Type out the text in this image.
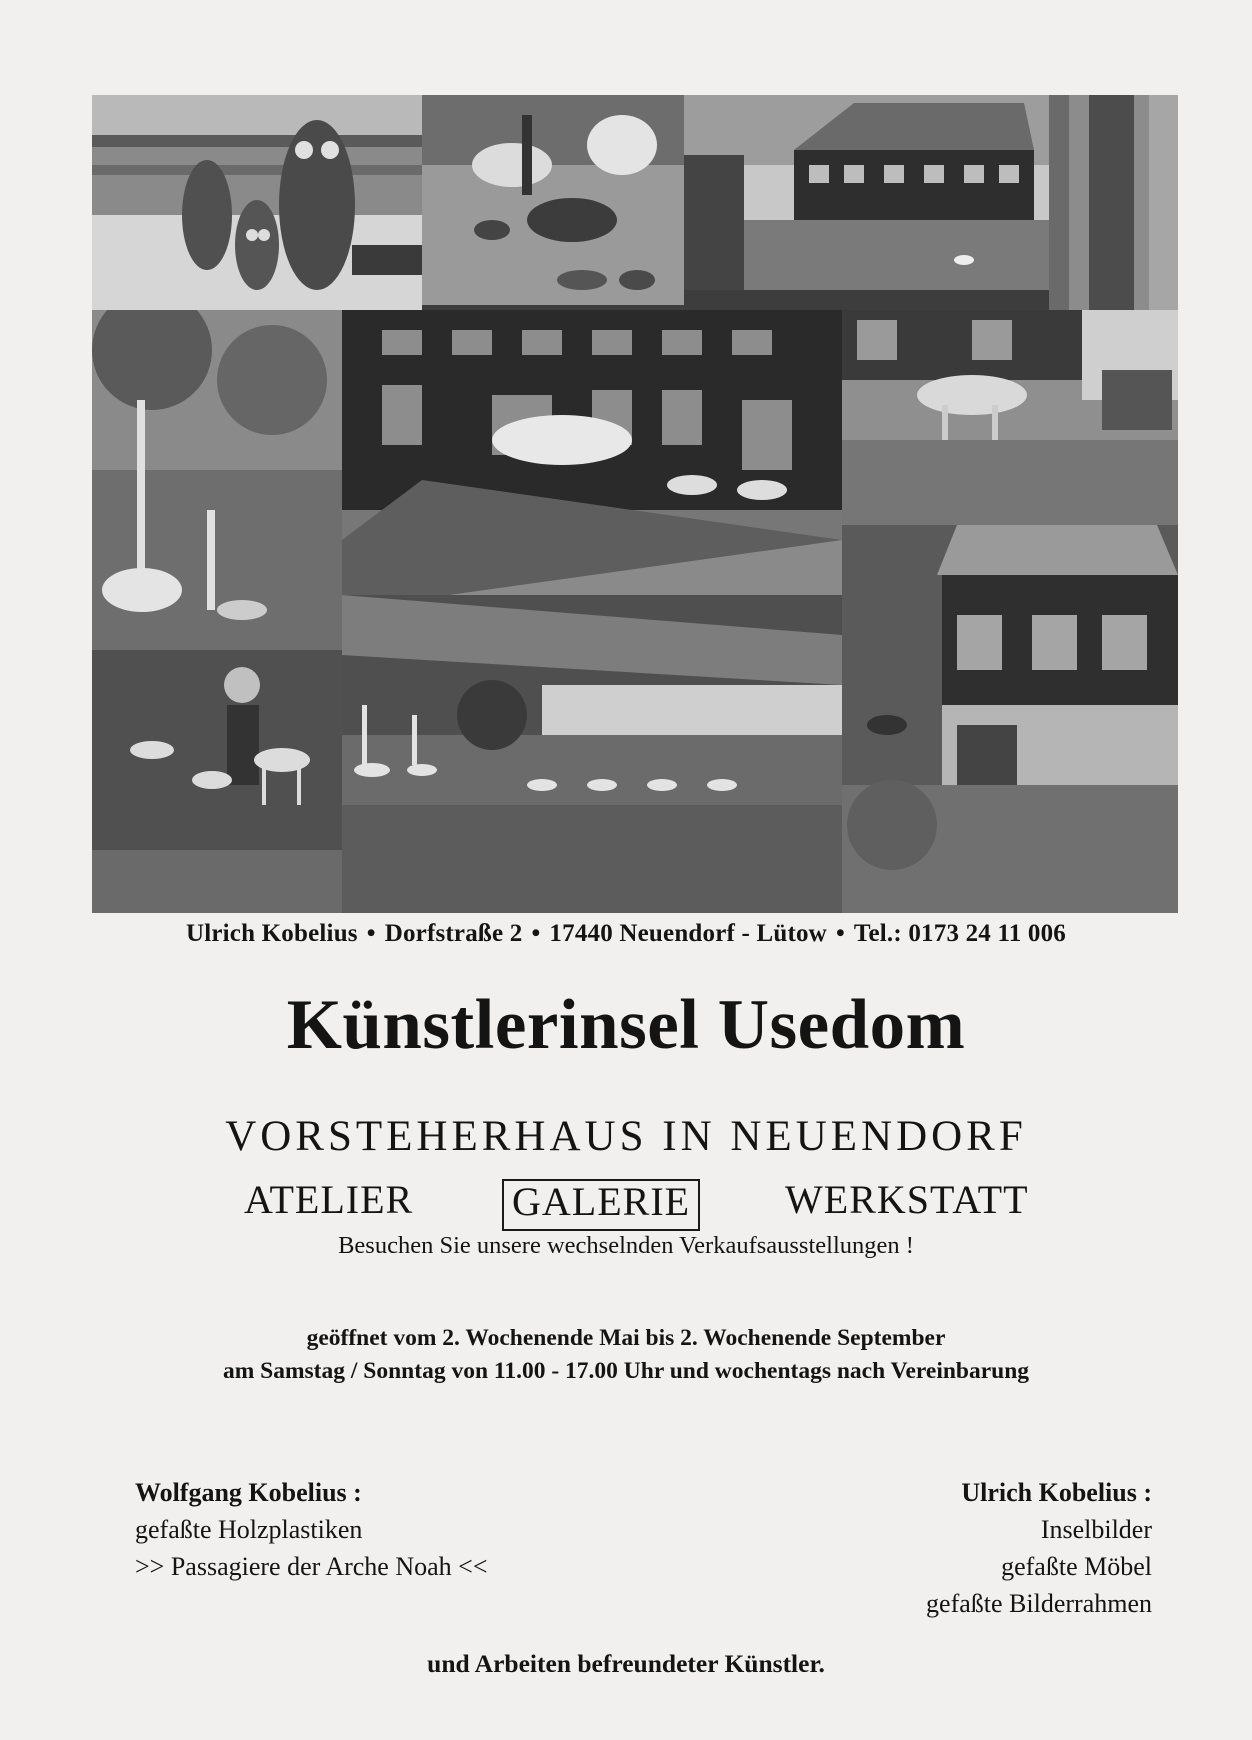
Ulrich Kobelius • Dorfstraße 2 • 17440 Neuendorf - Lütow • Tel.: 0173 24 11 006
Künstlerinsel Usedom
VORSTEHERHAUS IN NEUENDORF
ATELIER GALERIE WERKSTATT
Besuchen Sie unsere wechselnden Verkaufsausstellungen !
geöffnet vom 2. Wochenende Mai bis 2. Wochenende September
am Samstag / Sonntag von 11.00 - 17.00 Uhr und wochentags nach Vereinbarung
Wolfgang Kobelius :
gefaßte Holzplastiken
>> Passagiere der Arche Noah <<
Ulrich Kobelius :
Inselbilder
gefaßte Möbel
gefaßte Bilderrahmen
und Arbeiten befreundeter Künstler.
